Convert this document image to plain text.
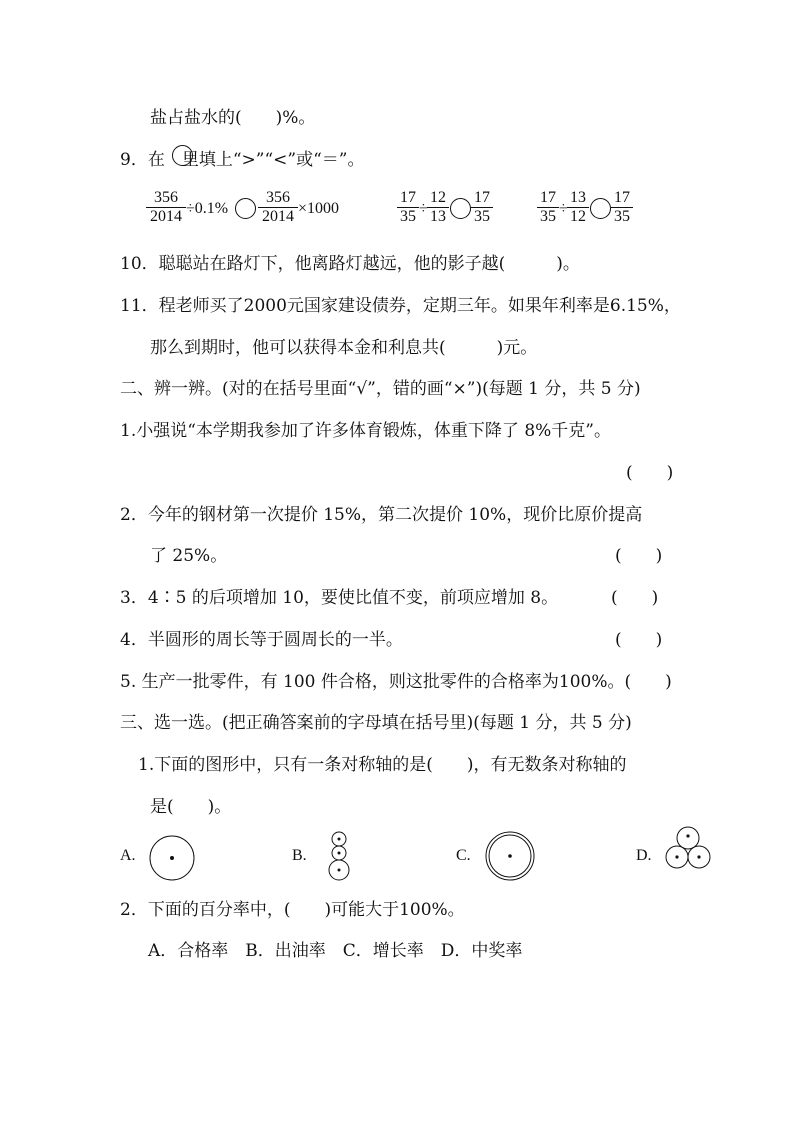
盐占盐水的(　　)%。
9．在　里填上“>”“<”或“＝”。
$\frac{356}{2014} \div 0.1\% \frac{356}{2014} \times 1000$	$\frac{17}{35} \div \frac{12}{13} \frac{17}{35}$	$\frac{17}{35} \div \frac{13}{12} \frac{17}{35}$
10．聪聪站在路灯下，他离路灯越远，他的影子越(　　　)。
11．程老师买了2000元国家建设债券，定期三年。如果年利率是6.15%，
那么到期时，他可以获得本金和利息共(　　　)元。
二、辨一辨。(对的在括号里面“√”，错的画“×”)(每题 1 分，共 5 分)
1.小强说“本学期我参加了许多体育锻炼，体重下降了 8%千克”。
(　　)
2．今年的钢材第一次提价 15%，第二次提价 10%，现价比原价提高
了 25%。	(　　)
3．4∶5 的后项增加 10，要使比值不变，前项应增加 8。	(　　)
4．半圆形的周长等于圆周长的一半。	(　　)
5. 生产一批零件，有 100 件合格，则这批零件的合格率为100%。(　　)
三、选一选。(把正确答案前的字母填在括号里)(每题 1 分，共 5 分)
1.下面的图形中，只有一条对称轴的是(　　)，有无数条对称轴的
是(　　)。
A.	B.	C.	D.
2．下面的百分率中，(　　)可能大于100%。
A．合格率　B．出油率　C．增长率　D．中奖率
